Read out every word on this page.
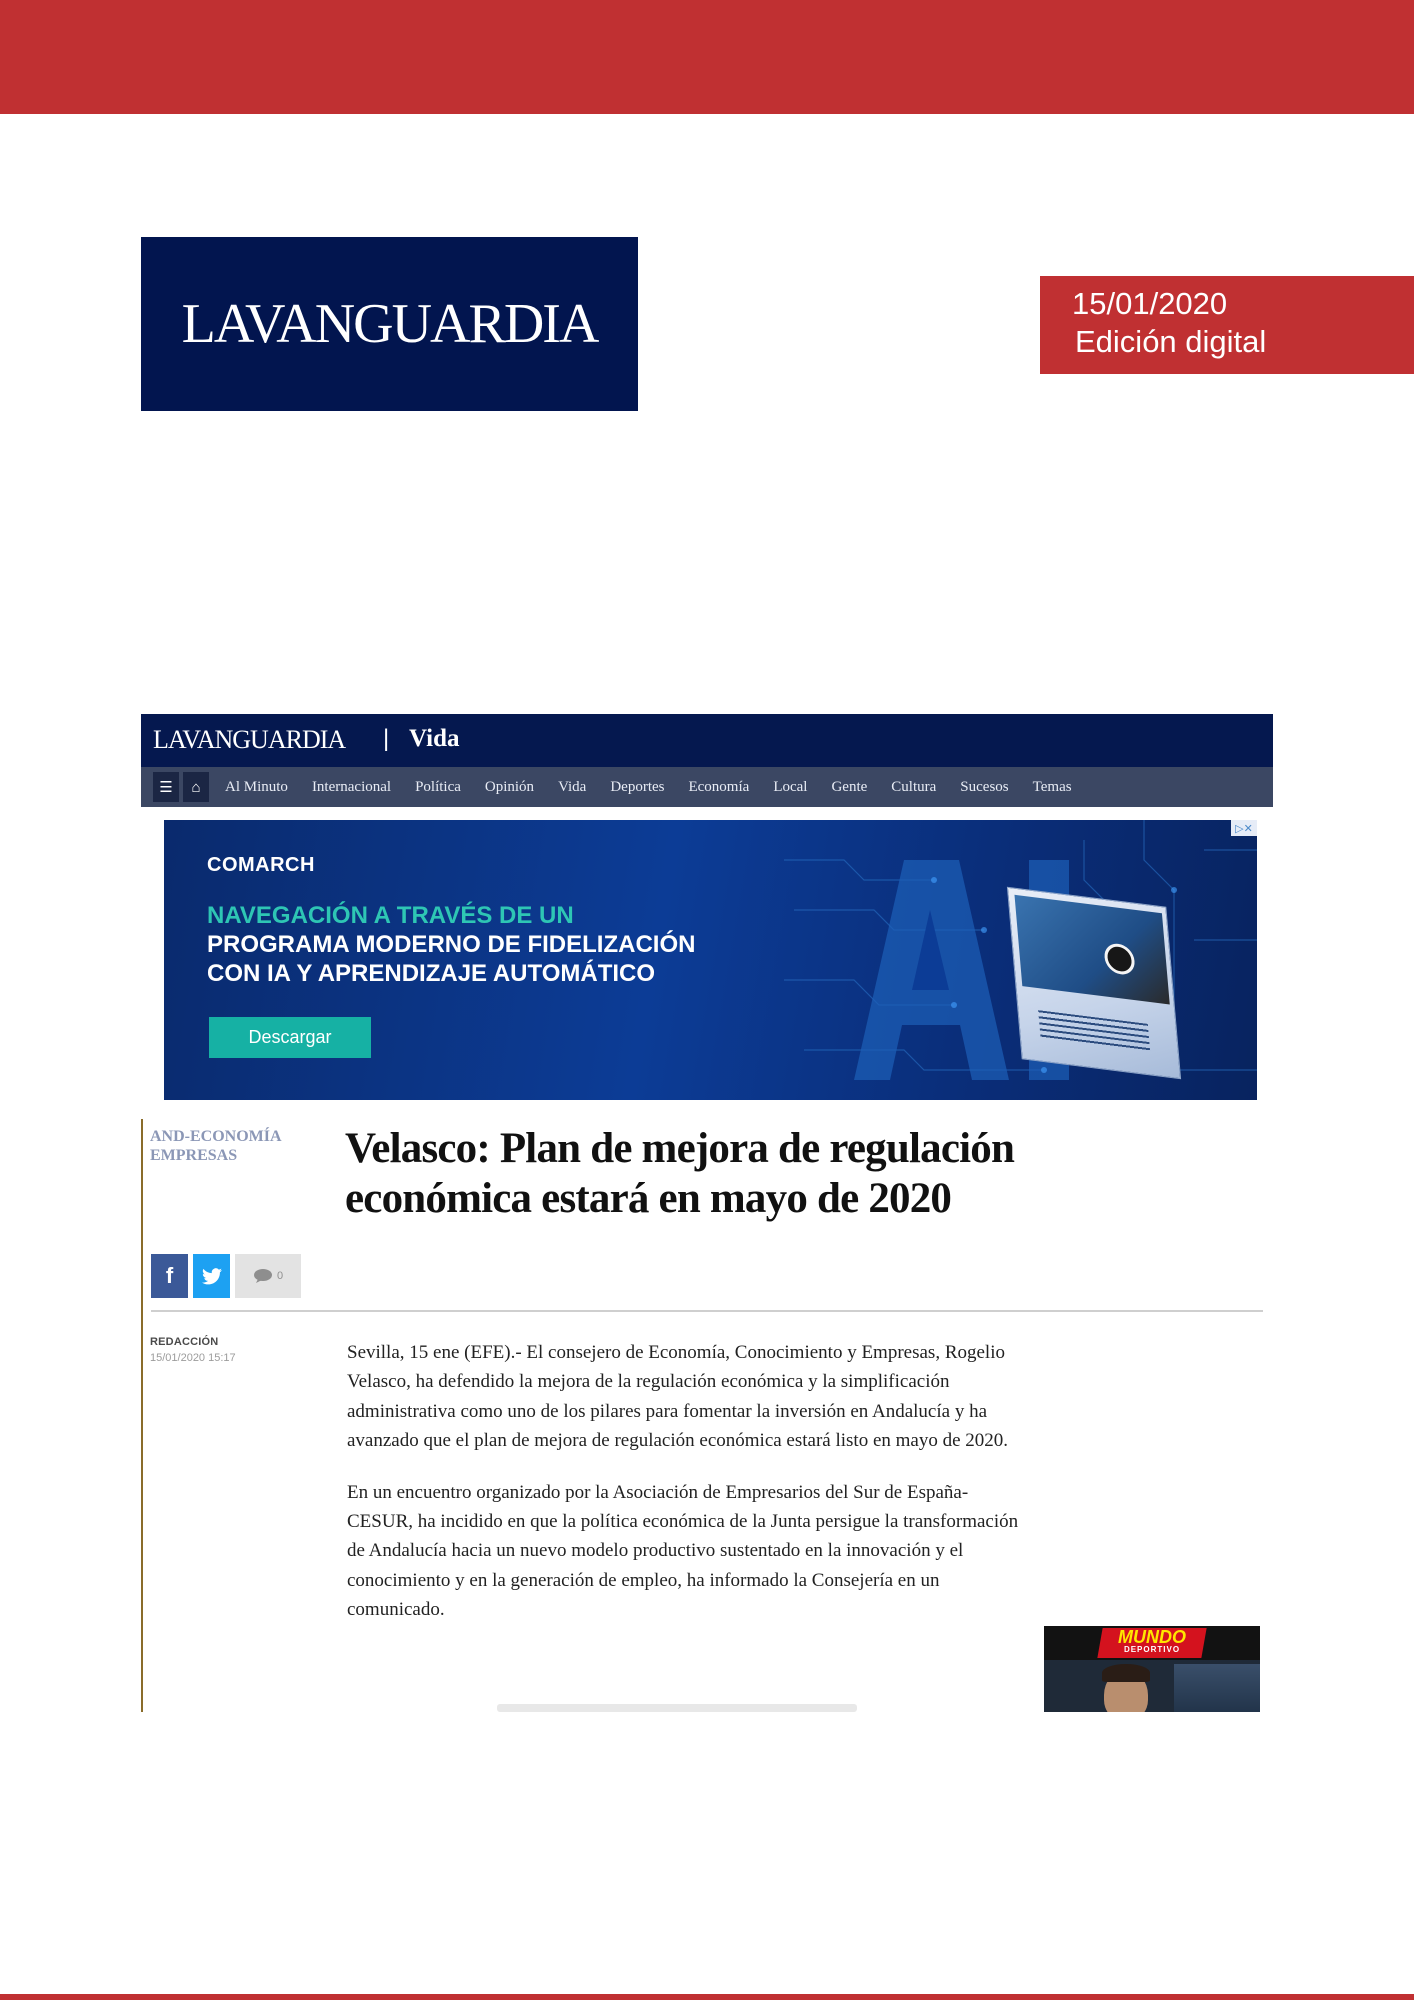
LAVANGUARDIA	15/01/2020
Edición digital
LAVANGUARDIA | Vida
☰	⌂	Al Minuto Internacional Política Opinión Vida Deportes Economía Local Gente Cultura Sucesos Temas
COMARCH
NAVEGACIÓN A TRAVÉS DE UN
PROGRAMA MODERNO DE FIDELIZACIÓN
CON IA Y APRENDIZAJE AUTOMÁTICO
Descargar
▷✕
AND-ECONOMÍA
EMPRESAS	Velasco: Plan de mejora de regulación
económica estará en mayo de 2020
f	0
REDACCIÓN
15/01/2020 15:17	Sevilla, 15 ene (EFE).- El consejero de Economía, Conocimiento y Empresas, Rogelio Velasco, ha defendido la mejora de la regulación económica y la simplificación administrativa como uno de los pilares para fomentar la inversión en Andalucía y ha avanzado que el plan de mejora de regulación económica estará listo en mayo de 2020.

En un encuentro organizado por la Asociación de Empresarios del Sur de España-CESUR, ha incidido en que la política económica de la Junta persigue la transformación de Andalucía hacia un nuevo modelo productivo sustentado en la innovación y el conocimiento y en la generación de empleo, ha informado la Consejería en un comunicado.

MUNDO
DEPORTIVO
